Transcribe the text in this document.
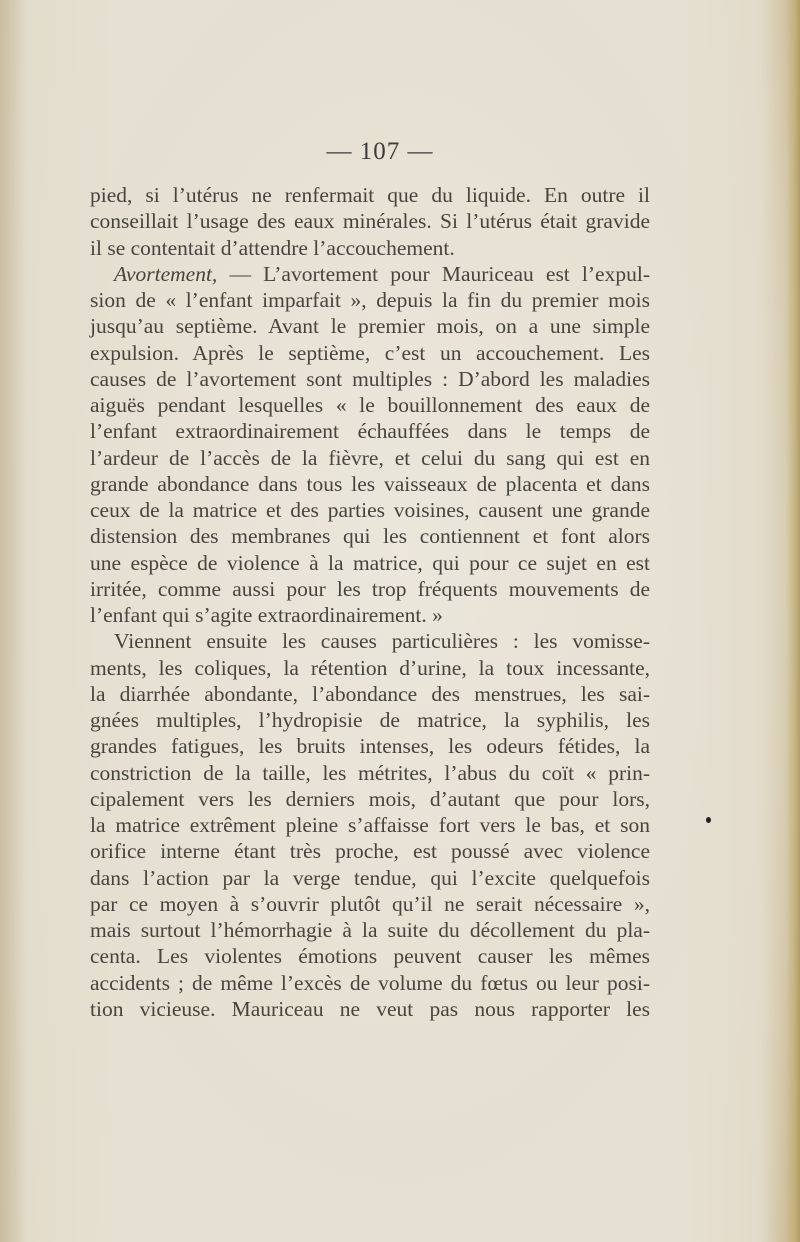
— 107 —
pied, si l’utérus ne renfermait que du liquide. En outre il
conseillait l’usage des eaux minérales. Si l’utérus était gravide
il se contentait d’attendre l’accouchement.
Avortement, — L’avortement pour Mauriceau est l’expul-
sion de « l’enfant imparfait », depuis la fin du premier mois
jusqu’au septième. Avant le premier mois, on a une simple
expulsion. Après le septième, c’est un accouchement. Les
causes de l’avortement sont multiples : D’abord les maladies
aiguës pendant lesquelles « le bouillonnement des eaux de
l’enfant extraordinairement échauffées dans le temps de
l’ardeur de l’accès de la fièvre, et celui du sang qui est en
grande abondance dans tous les vaisseaux de placenta et dans
ceux de la matrice et des parties voisines, causent une grande
distension des membranes qui les contiennent et font alors
une espèce de violence à la matrice, qui pour ce sujet en est
irritée, comme aussi pour les trop fréquents mouvements de
l’enfant qui s’agite extraordinairement. »
Viennent ensuite les causes particulières : les vomisse-
ments, les coliques, la rétention d’urine, la toux incessante,
la diarrhée abondante, l’abondance des menstrues, les sai-
gnées multiples, l’hydropisie de matrice, la syphilis, les
grandes fatigues, les bruits intenses, les odeurs fétides, la
constriction de la taille, les métrites, l’abus du coït « prin-
cipalement vers les derniers mois, d’autant que pour lors,
la matrice extrêment pleine s’affaisse fort vers le bas, et son
orifice interne étant très proche, est poussé avec violence
dans l’action par la verge tendue, qui l’excite quelquefois
par ce moyen à s’ouvrir plutôt qu’il ne serait nécessaire »,
mais surtout l’hémorrhagie à la suite du décollement du pla-
centa. Les violentes émotions peuvent causer les mêmes
accidents ; de même l’excès de volume du fœtus ou leur posi-
tion vicieuse. Mauriceau ne veut pas nous rapporter les
